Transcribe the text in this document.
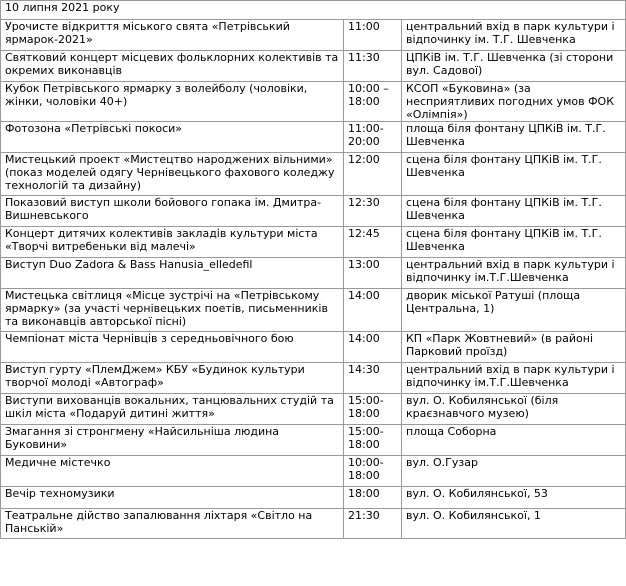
10 липня 2021 року		
Урочисте відкриття міського свята «Петрівський ярмарок-2021»	11:00	центральний вхід в парк культури і відпочинку ім. Т.Г. Шевченка
Святковий концерт місцевих фольклорних колективів та окремих виконавців	11:30	ЦПКіВ ім. Т.Г. Шевченка (зі сторони вул. Садової)
Кубок Петрівського ярмарку з волейболу (чоловіки, жінки, чоловіки 40+)	10:00 – 18:00	КСОП «Буковина» (за несприятливих погодних умов ФОК «Олімпія»)
Фотозона «Петрівські покоси»	11:00-20:00	площа біля фонтану ЦПКіВ ім. Т.Г. Шевченка
Мистецький проект «Мистецтво народжених вільними» (показ моделей одягу Чернівецького фахового коледжу технологій та дизайну)	12:00	сцена біля фонтану ЦПКіВ ім. Т.Г. Шевченка
Показовий виступ школи бойового гопака ім. Дмитра-Вишневського	12:30	сцена біля фонтану ЦПКіВ ім. Т.Г. Шевченка
Концерт дитячих колективів закладів культури міста «Творчі витребеньки від малечі»	12:45	сцена біля фонтану ЦПКіВ ім. Т.Г. Шевченка
Виступ Duo Zadora & Bass Hanusia_elledefil	13:00	центральний вхід в парк культури і відпочинку ім.Т.Г.Шевченка
Мистецька світлиця «Місце зустрічі на «Петрівському ярмарку» (за участі чернівецьких поетів, письменників та виконавців авторської пісні)	14:00	дворик міської Ратуші (площа Центральна, 1)
Чемпіонат міста Чернівців з середньовічного бою	14:00	КП «Парк Жовтневий» (в районі Парковий проїзд)
Виступ гурту «ПлемДжем» КБУ «Будинок культури творчої молоді «Автограф»	14:30	центральний вхід в парк культури і відпочинку ім.Т.Г.Шевченка
Виступи вихованців вокальних, танцювальних студій та шкіл міста «Подаруй дитині життя»	15:00-18:00	вул. О. Кобилянської (біля краєзнавчого музею)
Змагання зі стронгмену «Найсильніша людина Буковини»	15:00-18:00	площа Соборна
Медичне містечко	10:00-18:00	вул. О.Гузар
Вечір техномузики	18:00	вул. О. Кобилянської, 53
Театральне дійство запалювання ліхтаря «Світло на Панській»	21:30	вул. О. Кобилянської, 1
